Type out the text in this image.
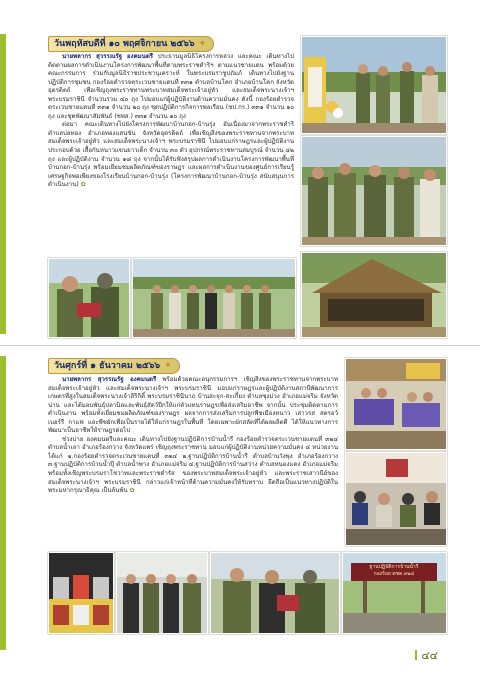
วันพฤหัสบดีที่ ๑๐ พฤศจิกายน ๒๕๖๖ ✦

นายพลากร สุวรรณรัฐ องคมนตรี ประธานมูลนิธิโครงการหลวง และคณะ เดินทางไปติดตามผลการดำเนินงานโครงการพัฒนาพื้นที่ตามพระราชดำริฯ ตามแนวชายแดน พร้อมด้วยคณะกรรมการ ร่วมกับมูลนิธิราชประชานุเคราะห์ ในพระบรมราชูปถัมภ์ เดินทางไปยังฐานปฏิบัติการชุมชน กองร้อยตำรวจตระเวนชายแดนที่ ๓๓๑ ตำบลบ้านโคก อำเภอบ้านโคก จังหวัดอุตรดิตถ์ เพื่อเชิญถุงพระราชทานพระบาทสมเด็จพระเจ้าอยู่หัว และสมเด็จพระนางเจ้าฯ พระบรมราชินี จำนวนรวม ๔๐ ถุง ไปมอบแก่ผู้ปฏิบัติงานด้านความมั่นคง ดังนี้ กองร้อยตำรวจตระเวนชายแดนที่ ๓๓๑ จำนวน ๒๐ ถุง ชุดปฏิบัติการกิจการพลเรือน (ชป.กร.) ๓๓๑ จำนวน ๑๐ ถุง และชุดพัฒนาสัมพันธ์ (ชพส.) ๓๓๑ จำนวน ๑๐ ถุง

ต่อมา คณะเดินทางไปยังโครงการพัฒนาบ้านกอก-บ้านรุ่ง อันเนื่องมาจากพระราชดำริ ตำบลบ่อทอง อำเภอทองแสนขัน จังหวัดอุตรดิตถ์ เพื่อเชิญสิ่งของพระราชทานจากพระบาทสมเด็จพระเจ้าอยู่หัว และสมเด็จพระนางเจ้าฯ พระบรมราชินี ไปมอบแก่ราษฎรและผู้ปฏิบัติงาน ประกอบด้วย เสื้อกันหนาวแขนยาวเด็ก จำนวน ๓๐ ตัว อุปกรณ์พระราชทานสมบูรณ์ จำนวน ๔๒ ถุง และผู้ปฏิบัติงาน จำนวน ๑๘ ถุง จากนั้นได้รับฟังสรุปผลการดำเนินงานโครงการพัฒนาพื้นที่บ้านกอก-บ้านรุ่ง พร้อมเยี่ยมชมผลิตภัณฑ์ของราษฎร และผลการดำเนินงานของศูนย์การเรียนรู้เศรษฐกิจพอเพียงของโรงเรียนบ้านกอก-บ้านรุ่ง (โครงการพัฒนาบ้านกอก-บ้านรุ่ง สนับสนุนการดำเนินงาน) ✿

วันศุกร์ที่ ๑ ธันวาคม ๒๕๖๖ ✦

นายพลากร สุวรรณรัฐ องคมนตรี พร้อมด้วยคณะอนุกรรมการฯ เชิญสิ่งของพระราชทานจากพระบาทสมเด็จพระเจ้าอยู่หัว และสมเด็จพระนางเจ้าฯ พระบรมราชินี มอบแก่ราษฎรและผู้ปฏิบัติงานสถานีพัฒนาการเกษตรที่สูงในสมเด็จพระนางเจ้าสิริกิติ์ พระบรมราชินีนาถ บ้านสะจุก-สะเกี้ยง ตำบลซุงม่วง อำเภอแม่จริม จังหวัดน่าน และได้มอบพันธุ์ปลานิลและพันธุ์สัตว์ปีกให้แก่ตัวแทนราษฎรเพื่อส่งเสริมอาชีพ จากนั้น ประชุมติดตามการดำเนินงาน พร้อมทั้งเยี่ยมชมผลิตภัณฑ์ของราษฎร ผลจากการส่งเสริมการปลูกพืชเมืองหนาว เสาวรส สตรอว์เบอร์รี กาแฟ และพืชผักเพื่อเป็นรายได้ให้แก่ราษฎรในพื้นที่ โดยเฉพาะผักสลัดที่ได้ผลผลิตดี ได้ให้แนวทางการพัฒนาเป็นอาชีพให้ราษฎรต่อไป

ช่วงบ่าย องคมนตรีและคณะ เดินทางไปยังฐานปฏิบัติการบ้านน้ำรี กองร้อยตำรวจตระเวนชายแดนที่ ๓๒๔ ตำบลน้ำเลา อำเภอร้องกวาง จังหวัดแพร่ เชิญถุงพระราชทาน มอบแก่ผู้ปฏิบัติงานหน่วยความมั่นคง ๔ หน่วยงาน ได้แก่ ๑.กองร้อยตำรวจตระเวนชายแดนที่ ๓๒๔ ๒.ฐานปฏิบัติการบ้านน้ำรี ตำบลบ้านวังพุง อำเภอร้องกวาง ๓.ฐานปฏิบัติการบ้านน้ำปุ๊ ตำบลน้ำพาง อำเภอแม่จริม ๔.ฐานปฏิบัติการบ้านสว่าง ตำบลหนองแดง อำเภอแม่จริม พร้อมทั้งเชิญพระบรมราโชวาทและพระราชดำรัส ของพระบาทสมเด็จพระเจ้าอยู่หัว และพระราชเสาวนีย์ของสมเด็จพระนางเจ้าฯ พระบรมราชินี กล่าวแก่เจ้าหน้าที่ด้านความมั่นคงให้รับทราบ ยึดถือเป็นแนวทางปฏิบัติในพระมหากรุณาธิคุณ เป็นล้นพ้น ✿

ฐานปฏิบัติการบ้านน้ำรี
กองร้อย ตชด.๓๒๔
๔๔
